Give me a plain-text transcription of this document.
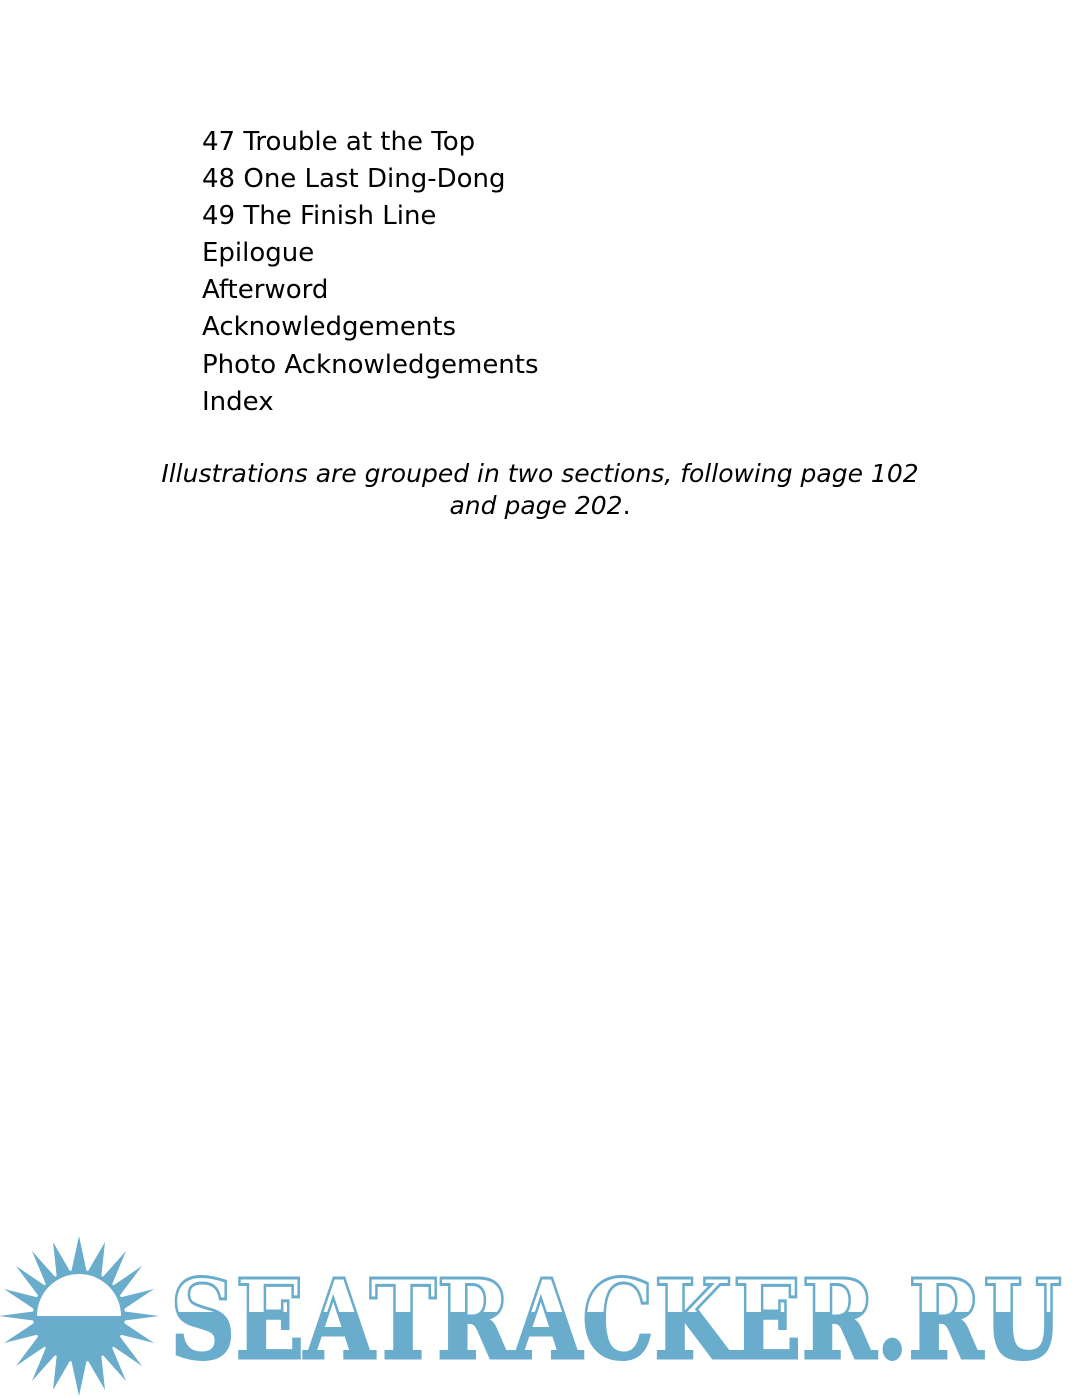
47 Trouble at the Top
48 One Last Ding-Dong
49 The Finish Line
Epilogue
Afterword
Acknowledgements
Photo Acknowledgements
Index

Illustrations are grouped in two sections, following page 102
and page 202.

SEATRACKER.RU
